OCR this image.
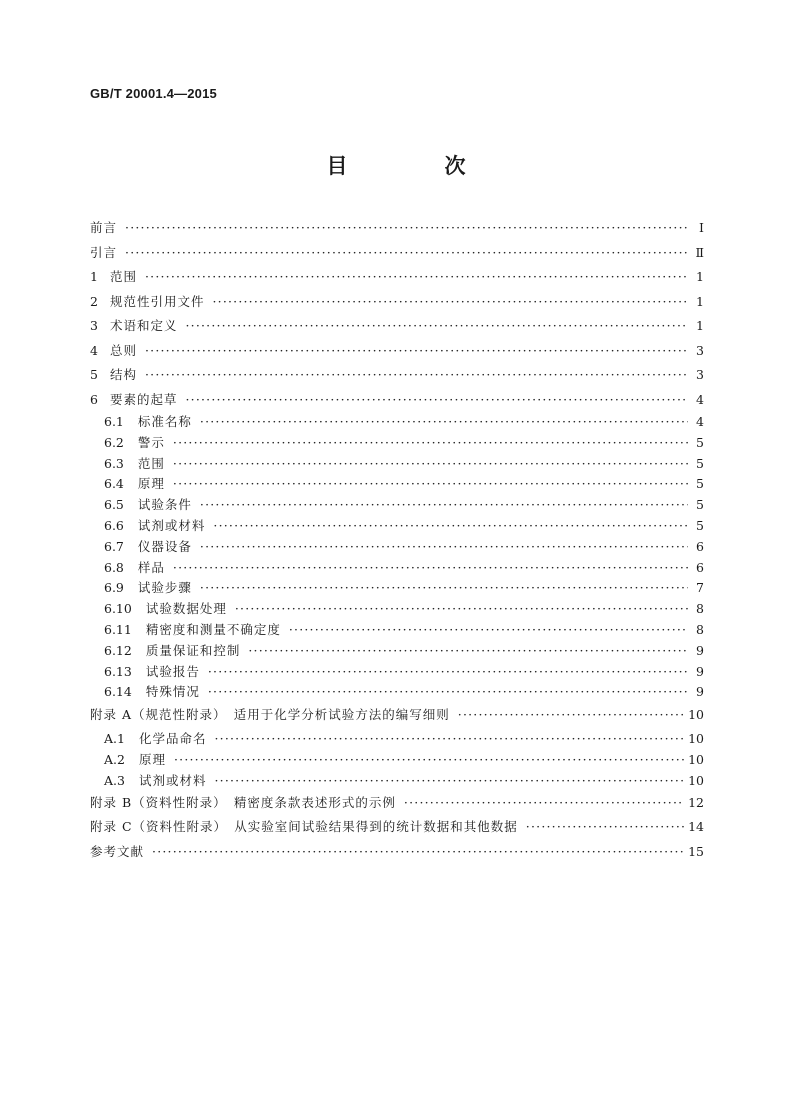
GB/T 20001.4—2015
目　次
前言 ·····	Ⅰ
引言 ·····	Ⅱ
1 范围 ·····	1
2 规范性引用文件 ·····	1
3 术语和定义 ·····	1
4 总则 ·····	3
5 结构 ·····	3
6 要素的起草 ·····	4
6.1 标准名称 ·····	4
6.2 警示 ·····	5
6.3 范围 ·····	5
6.4 原理 ·····	5
6.5 试验条件 ·····	5
6.6 试剂或材料 ·····	5
6.7 仪器设备 ·····	6
6.8 样品 ·····	6
6.9 试验步骤 ·····	7
6.10 试验数据处理 ·····	8
6.11 精密度和测量不确定度 ·····	8
6.12 质量保证和控制 ·····	9
6.13 试验报告 ·····	9
6.14 特殊情况 ·····	9
附录 A（规范性附录）　适用于化学分析试验方法的编写细则 ·····	10
A.1 化学品命名 ·····	10
A.2 原理 ·····	10
A.3 试剂或材料 ·····	10
附录 B（资料性附录）　精密度条款表述形式的示例 ·····	12
附录 C（资料性附录）　从实验室间试验结果得到的统计数据和其他数据 ·····	14
参考文献 ·····	15
